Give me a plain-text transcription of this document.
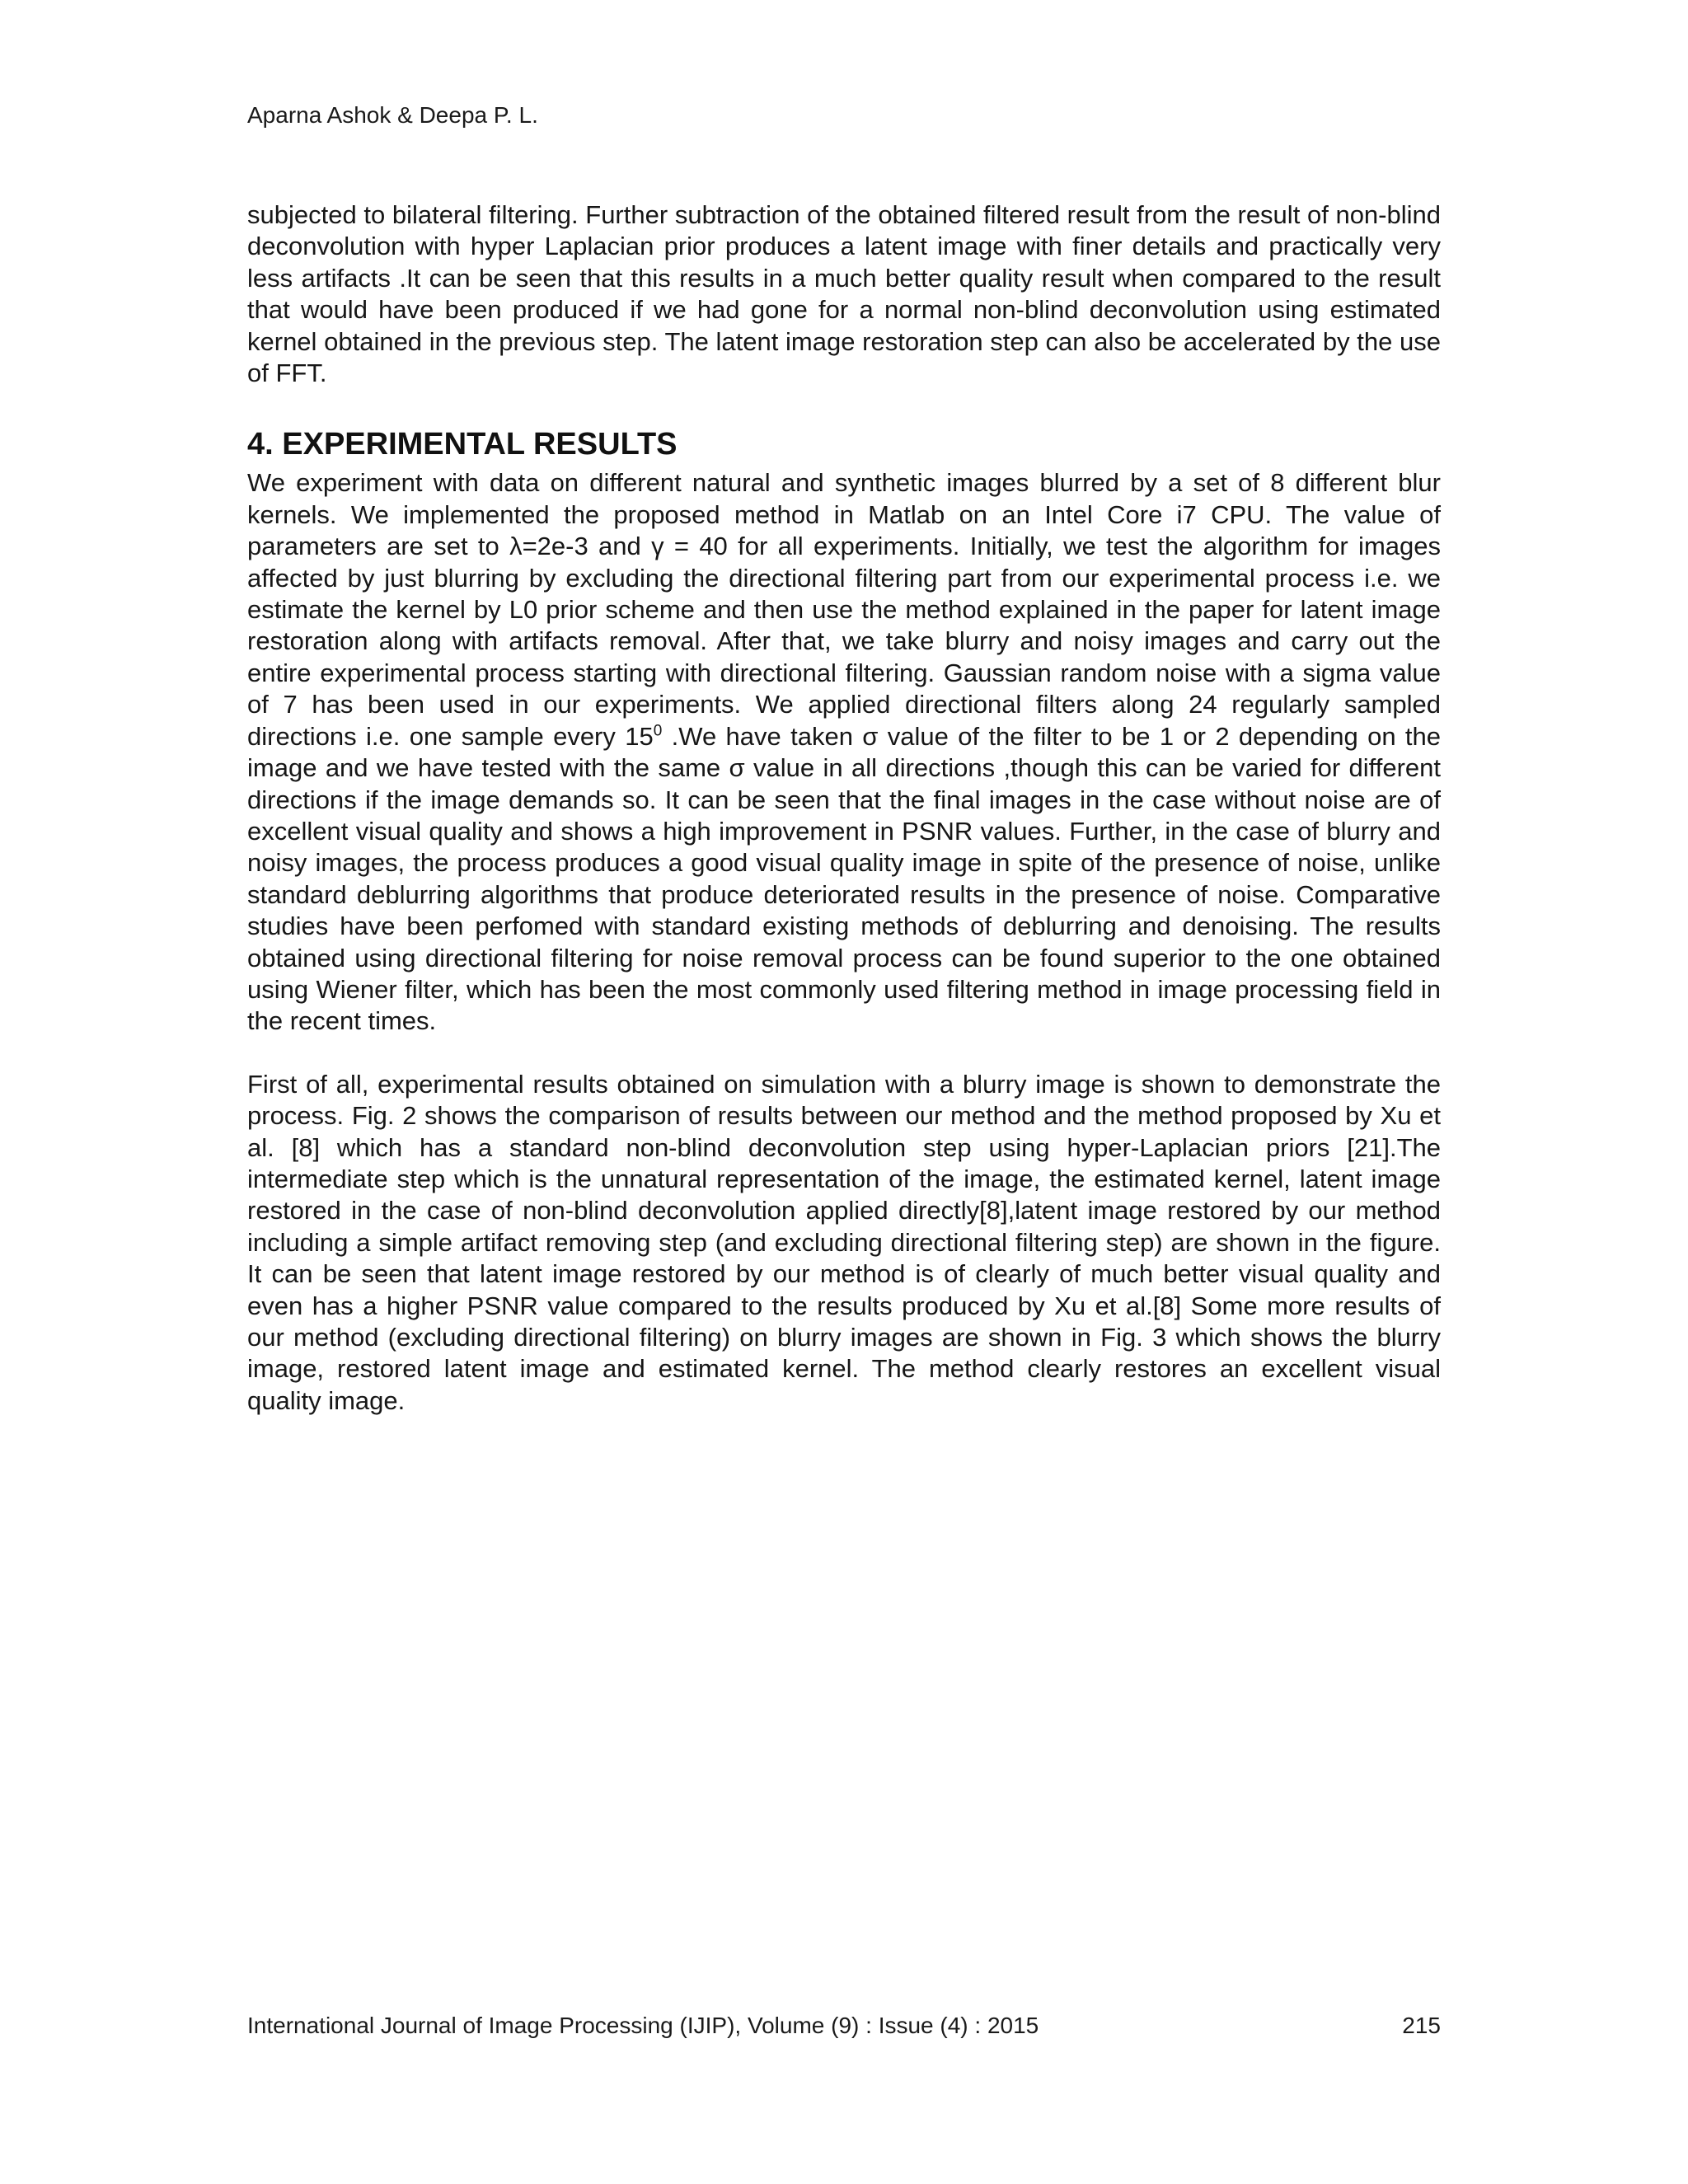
Aparna Ashok & Deepa P. L.

subjected to bilateral filtering. Further subtraction of the obtained filtered result from the result of non-blind deconvolution with hyper Laplacian prior produces a latent image with finer details and practically very less artifacts .It can be seen that this results in a much better quality result when compared to the result that would have been produced if we had gone for a normal non-blind deconvolution using estimated kernel obtained in the previous step. The latent image restoration step can also be accelerated by the use of FFT.

4. EXPERIMENTAL RESULTS

We experiment with data on different natural and synthetic images blurred by a set of 8 different blur kernels. We implemented the proposed method in Matlab on an Intel Core i7 CPU. The value of parameters are set to λ=2e-3 and γ = 40 for all experiments. Initially, we test the algorithm for images affected by just blurring by excluding the directional filtering part from our experimental process i.e. we estimate the kernel by L0 prior scheme and then use the method explained in the paper for latent image restoration along with artifacts removal. After that, we take blurry and noisy images and carry out the entire experimental process starting with directional filtering. Gaussian random noise with a sigma value of 7 has been used in our experiments. We applied directional filters along 24 regularly sampled directions i.e. one sample every $15^0$ .We have taken σ value of the filter to be 1 or 2 depending on the image and we have tested with the same σ value in all directions ,though this can be varied for different directions if the image demands so. It can be seen that the final images in the case without noise are of excellent visual quality and shows a high improvement in PSNR values. Further, in the case of blurry and noisy images, the process produces a good visual quality image in spite of the presence of noise, unlike standard deblurring algorithms that produce deteriorated results in the presence of noise. Comparative studies have been perfomed with standard existing methods of deblurring and denoising. The results obtained using directional filtering for noise removal process can be found superior to the one obtained using Wiener filter, which has been the most commonly used filtering method in image processing field in the recent times.

First of all, experimental results obtained on simulation with a blurry image is shown to demonstrate the process. Fig. 2 shows the comparison of results between our method and the method proposed by Xu et al. [8] which has a standard non-blind deconvolution step using hyper-Laplacian priors [21].The intermediate step which is the unnatural representation of the image, the estimated kernel, latent image restored in the case of non-blind deconvolution applied directly[8],latent image restored by our method including a simple artifact removing step (and excluding directional filtering step) are shown in the figure. It can be seen that latent image restored by our method is of clearly of much better visual quality and even has a higher PSNR value compared to the results produced by Xu et al.[8] Some more results of our method (excluding directional filtering) on blurry images are shown in Fig. 3 which shows the blurry image, restored latent image and estimated kernel. The method clearly restores an excellent visual quality image.

International Journal of Image Processing (IJIP), Volume (9) : Issue (4) : 2015	215
